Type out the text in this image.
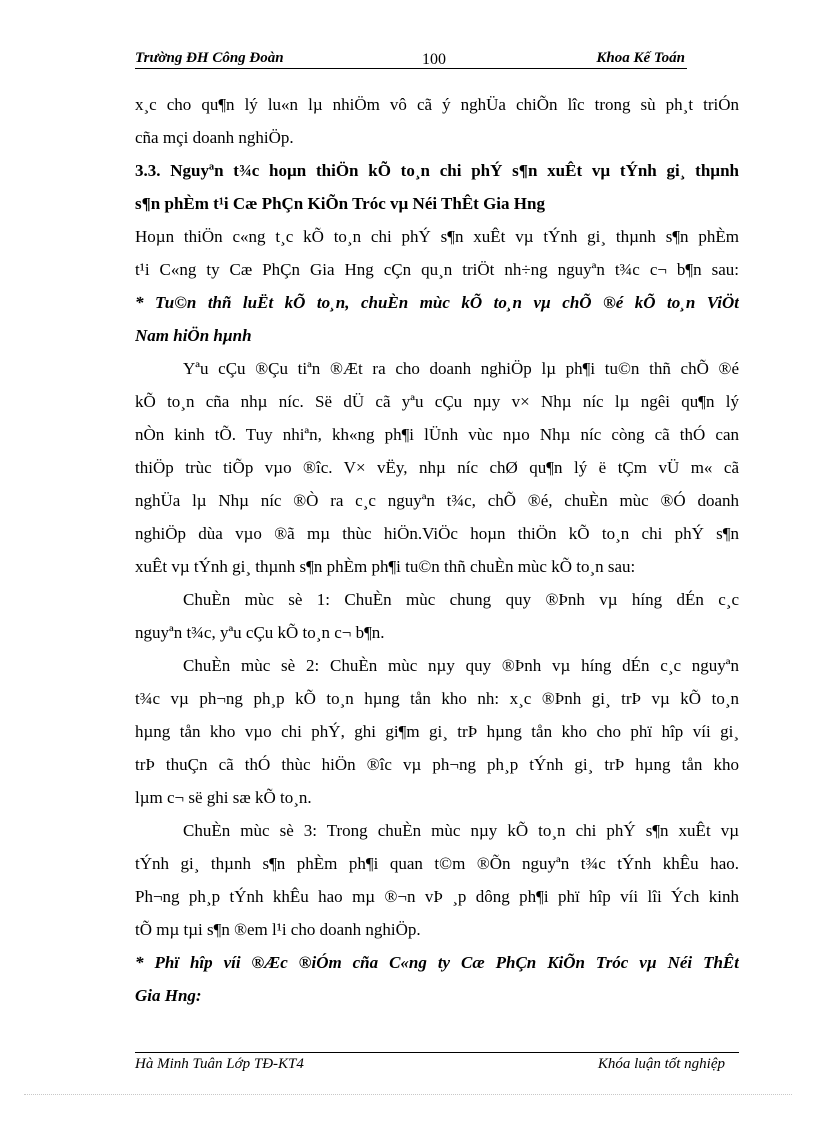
Trường ĐH Công Đoàn	100	Khoa Kế Toán
x¸c cho qu¶n lý lu«n lµ nhiÖm vô cã ý nghÜa chiÕn lîc trong sù ph¸t triÓn
cña mçi doanh nghiÖp.
3.3. Nguyªn t¾c hoµn thiÖn kÕ to¸n chi phÝ s¶n xuÊt vµ tÝnh gi¸ thµnh
s¶n phÈm t¹i Cæ PhÇn KiÕn Tróc vµ Néi ThÊt Gia Hng
Hoµn thiÖn c«ng t¸c kÕ to¸n chi phÝ s¶n xuÊt vµ tÝnh gi¸ thµnh s¶n phÈm
t¹i C«ng ty Cæ PhÇn Gia Hng cÇn qu¸n triÖt nh÷ng nguyªn t¾c c¬ b¶n sau:
* Tu©n thñ luËt kÕ to¸n, chuÈn mùc kÕ to¸n vµ chÕ ®é kÕ to¸n ViÖt
Nam hiÖn hµnh
Yªu cÇu ®Çu tiªn ®Æt ra cho doanh nghiÖp lµ ph¶i tu©n thñ chÕ ®é
kÕ to¸n cña nhµ níc. Së dÜ cã yªu cÇu nµy v× Nhµ níc lµ ngêi qu¶n lý
nÒn kinh tÕ. Tuy nhiªn, kh«ng ph¶i lÜnh vùc nµo Nhµ níc còng cã thÓ can
thiÖp trùc tiÕp vµo ®îc. V× vËy, nhµ níc chØ qu¶n lý ë tÇm vÜ m« cã
nghÜa lµ Nhµ níc ®Ò ra c¸c nguyªn t¾c, chÕ ®é, chuÈn mùc ®Ó doanh
nghiÖp dùa vµo ®ã mµ thùc hiÖn.ViÖc hoµn thiÖn kÕ to¸n chi phÝ s¶n
xuÊt vµ tÝnh gi¸ thµnh s¶n phÈm ph¶i tu©n thñ chuÈn mùc kÕ to¸n sau:
ChuÈn mùc sè 1: ChuÈn mùc chung quy ®Þnh vµ híng dÉn c¸c
nguyªn t¾c, yªu cÇu kÕ to¸n c¬ b¶n.
ChuÈn mùc sè 2: ChuÈn mùc nµy quy ®Þnh vµ híng dÉn c¸c nguyªn
t¾c vµ ph¬ng ph¸p kÕ to¸n hµng tån kho nh: x¸c ®Þnh gi¸ trÞ vµ kÕ to¸n
hµng tån kho vµo chi phÝ, ghi gi¶m gi¸ trÞ hµng tån kho cho phï hîp víi gi¸
trÞ thuÇn cã thÓ thùc hiÖn ®îc vµ ph¬ng ph¸p tÝnh gi¸ trÞ hµng tån kho
lµm c¬ së ghi sæ kÕ to¸n.
ChuÈn mùc sè 3: Trong chuÈn mùc nµy kÕ to¸n chi phÝ s¶n xuÊt vµ
tÝnh gi¸ thµnh s¶n phÈm ph¶i quan t©m ®Õn nguyªn t¾c tÝnh khÊu hao.
Ph¬ng ph¸p tÝnh khÊu hao mµ ®¬n vÞ ¸p dông ph¶i phï hîp víi lîi Ých kinh
tÕ mµ tµi s¶n ®em l¹i cho doanh nghiÖp.
* Phï hîp víi ®Æc ®iÓm cña C«ng ty Cæ PhÇn KiÕn Tróc vµ Néi ThÊt
Gia Hng:
Hà Minh Tuân Lớp TĐ-KT4	Khóa luận tốt nghiệp
